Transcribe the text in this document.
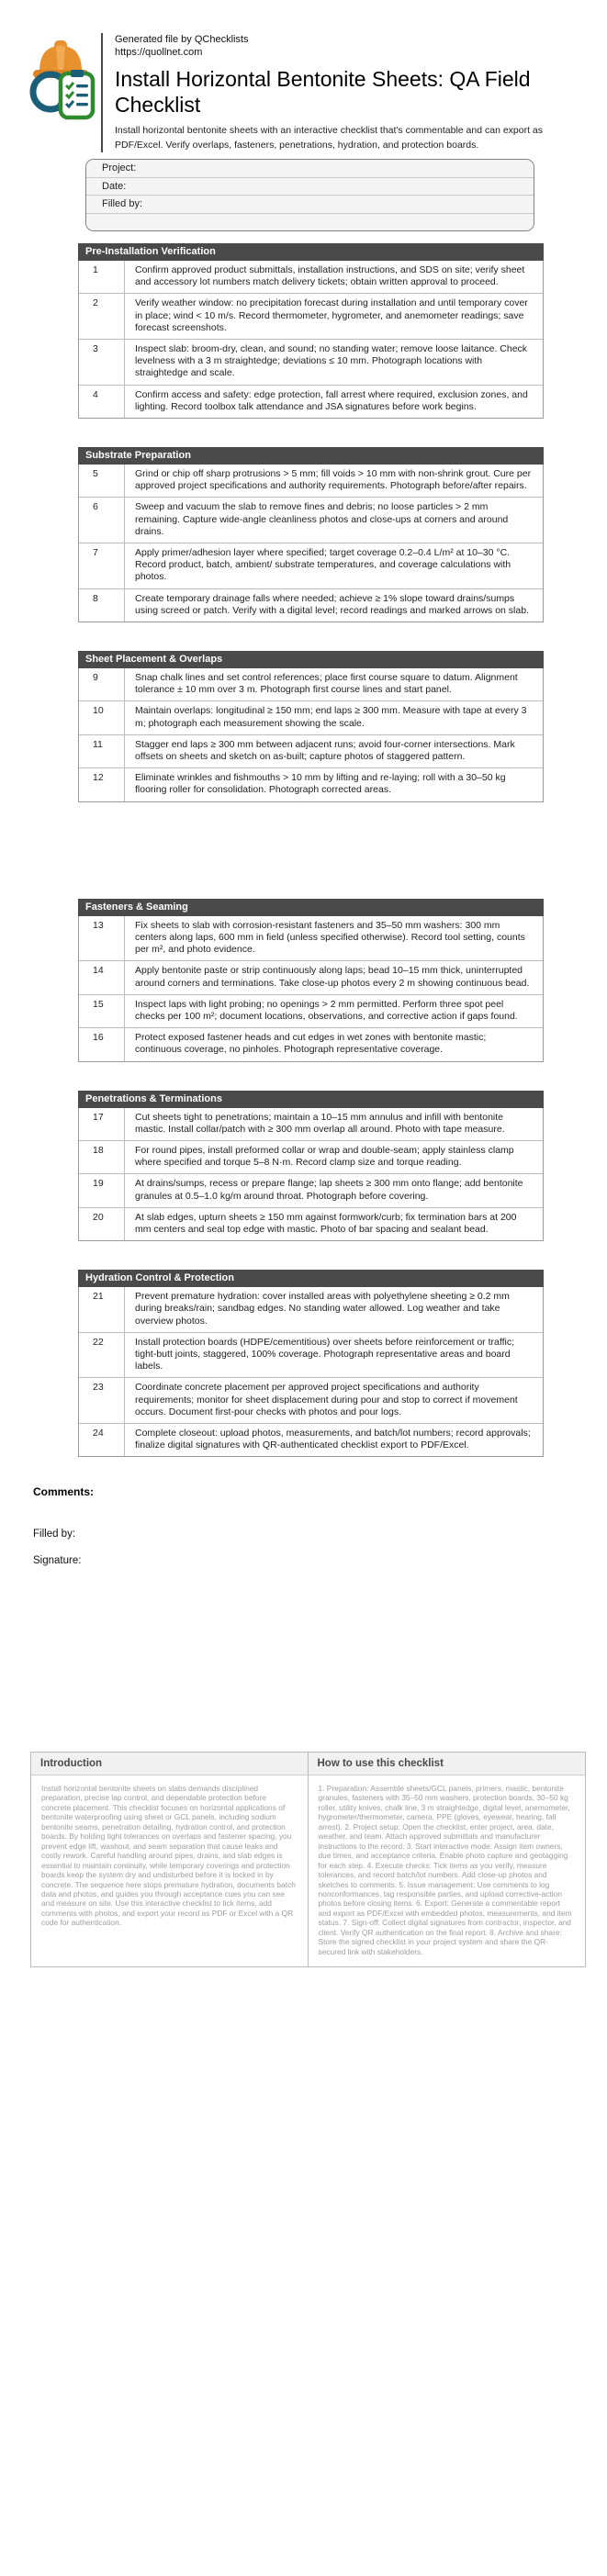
Generated file by QChecklists
https://quollnet.com
Install Horizontal Bentonite Sheets: QA Field Checklist
Install horizontal bentonite sheets with an interactive checklist that's commentable and can export as PDF/Excel. Verify overlaps, fasteners, penetrations, hydration, and protection boards.
Project:
Date:
Filled by:
Pre-Installation Verification
1	Confirm approved product submittals, installation instructions, and SDS on site; verify sheet and accessory lot numbers match delivery tickets; obtain written approval to proceed.
2	Verify weather window: no precipitation forecast during installation and until temporary cover in place; wind < 10 m/s. Record thermometer, hygrometer, and anemometer readings; save forecast screenshots.
3	Inspect slab: broom-dry, clean, and sound; no standing water; remove loose laitance. Check levelness with a 3 m straightedge; deviations ≤ 10 mm. Photograph locations with straightedge and scale.
4	Confirm access and safety: edge protection, fall arrest where required, exclusion zones, and lighting. Record toolbox talk attendance and JSA signatures before work begins.
Substrate Preparation
5	Grind or chip off sharp protrusions > 5 mm; fill voids > 10 mm with non-shrink grout. Cure per approved project specifications and authority requirements. Photograph before/after repairs.
6	Sweep and vacuum the slab to remove fines and debris; no loose particles > 2 mm remaining. Capture wide-angle cleanliness photos and close-ups at corners and around drains.
7	Apply primer/adhesion layer where specified; target coverage 0.2–0.4 L/m² at 10–30 °C. Record product, batch, ambient/ substrate temperatures, and coverage calculations with photos.
8	Create temporary drainage falls where needed; achieve ≥ 1% slope toward drains/sumps using screed or patch. Verify with a digital level; record readings and marked arrows on slab.
Sheet Placement & Overlaps
9	Snap chalk lines and set control references; place first course square to datum. Alignment tolerance ± 10 mm over 3 m. Photograph first course lines and start panel.
10	Maintain overlaps: longitudinal ≥ 150 mm; end laps ≥ 300 mm. Measure with tape at every 3 m; photograph each measurement showing the scale.
11	Stagger end laps ≥ 300 mm between adjacent runs; avoid four-corner intersections. Mark offsets on sheets and sketch on as-built; capture photos of staggered pattern.
12	Eliminate wrinkles and fishmouths > 10 mm by lifting and re-laying; roll with a 30–50 kg flooring roller for consolidation. Photograph corrected areas.
Fasteners & Seaming
13	Fix sheets to slab with corrosion-resistant fasteners and 35–50 mm washers: 300 mm centers along laps, 600 mm in field (unless specified otherwise). Record tool setting, counts per m², and photo evidence.
14	Apply bentonite paste or strip continuously along laps; bead 10–15 mm thick, uninterrupted around corners and terminations. Take close-up photos every 2 m showing continuous bead.
15	Inspect laps with light probing; no openings > 2 mm permitted. Perform three spot peel checks per 100 m²; document locations, observations, and corrective action if gaps found.
16	Protect exposed fastener heads and cut edges in wet zones with bentonite mastic; continuous coverage, no pinholes. Photograph representative coverage.
Penetrations & Terminations
17	Cut sheets tight to penetrations; maintain a 10–15 mm annulus and infill with bentonite mastic. Install collar/patch with ≥ 300 mm overlap all around. Photo with tape measure.
18	For round pipes, install preformed collar or wrap and double-seam; apply stainless clamp where specified and torque 5–8 N·m. Record clamp size and torque reading.
19	At drains/sumps, recess or prepare flange; lap sheets ≥ 300 mm onto flange; add bentonite granules at 0.5–1.0 kg/m around throat. Photograph before covering.
20	At slab edges, upturn sheets ≥ 150 mm against formwork/curb; fix termination bars at 200 mm centers and seal top edge with mastic. Photo of bar spacing and sealant bead.
Hydration Control & Protection
21	Prevent premature hydration: cover installed areas with polyethylene sheeting ≥ 0.2 mm during breaks/rain; sandbag edges. No standing water allowed. Log weather and take overview photos.
22	Install protection boards (HDPE/cementitious) over sheets before reinforcement or traffic; tight-butt joints, staggered, 100% coverage. Photograph representative areas and board labels.
23	Coordinate concrete placement per approved project specifications and authority requirements; monitor for sheet displacement during pour and stop to correct if movement occurs. Document first-pour checks with photos and pour logs.
24	Complete closeout: upload photos, measurements, and batch/lot numbers; record approvals; finalize digital signatures with QR-authenticated checklist export to PDF/Excel.
Comments:
Filled by:
Signature:
Introduction
Install horizontal bentonite sheets on slabs demands disciplined preparation, precise lap control, and dependable protection before concrete placement. This checklist focuses on horizontal applications of bentonite waterproofing using sheet or GCL panels, including sodium bentonite seams, penetration detailing, hydration control, and protection boards. By holding tight tolerances on overlaps and fastener spacing, you prevent edge lift, washout, and seam separation that cause leaks and costly rework. Careful handling around pipes, drains, and slab edges is essential to maintain continuity, while temporary coverings and protection boards keep the system dry and undisturbed before it is locked in by concrete. The sequence here stops premature hydration, documents batch data and photos, and guides you through acceptance cues you can see and measure on site. Use this interactive checklist to tick items, add comments with photos, and export your record as PDF or Excel with a QR code for authentication.
How to use this checklist
1. Preparation: Assemble sheets/GCL panels, primers, mastic, bentonite granules, fasteners with 35–50 mm washers, protection boards, 30–50 kg roller, utility knives, chalk line, 3 m straightedge, digital level, anemometer, hygrometer/thermometer, camera, PPE (gloves, eyewear, hearing, fall arrest). 2. Project setup: Open the checklist, enter project, area, date, weather, and team. Attach approved submittals and manufacturer instructions to the record. 3. Start interactive mode: Assign item owners, due times, and acceptance criteria. Enable photo capture and geotagging for each step. 4. Execute checks: Tick items as you verify, measure tolerances, and record batch/lot numbers. Add close-up photos and sketches to comments. 5. Issue management: Use comments to log nonconformances, tag responsible parties, and upload corrective-action photos before closing items. 6. Export: Generate a commentable report and export as PDF/Excel with embedded photos, measurements, and item status. 7. Sign-off: Collect digital signatures from contractor, inspector, and client. Verify QR authentication on the final report. 8. Archive and share: Store the signed checklist in your project system and share the QR-secured link with stakeholders.
